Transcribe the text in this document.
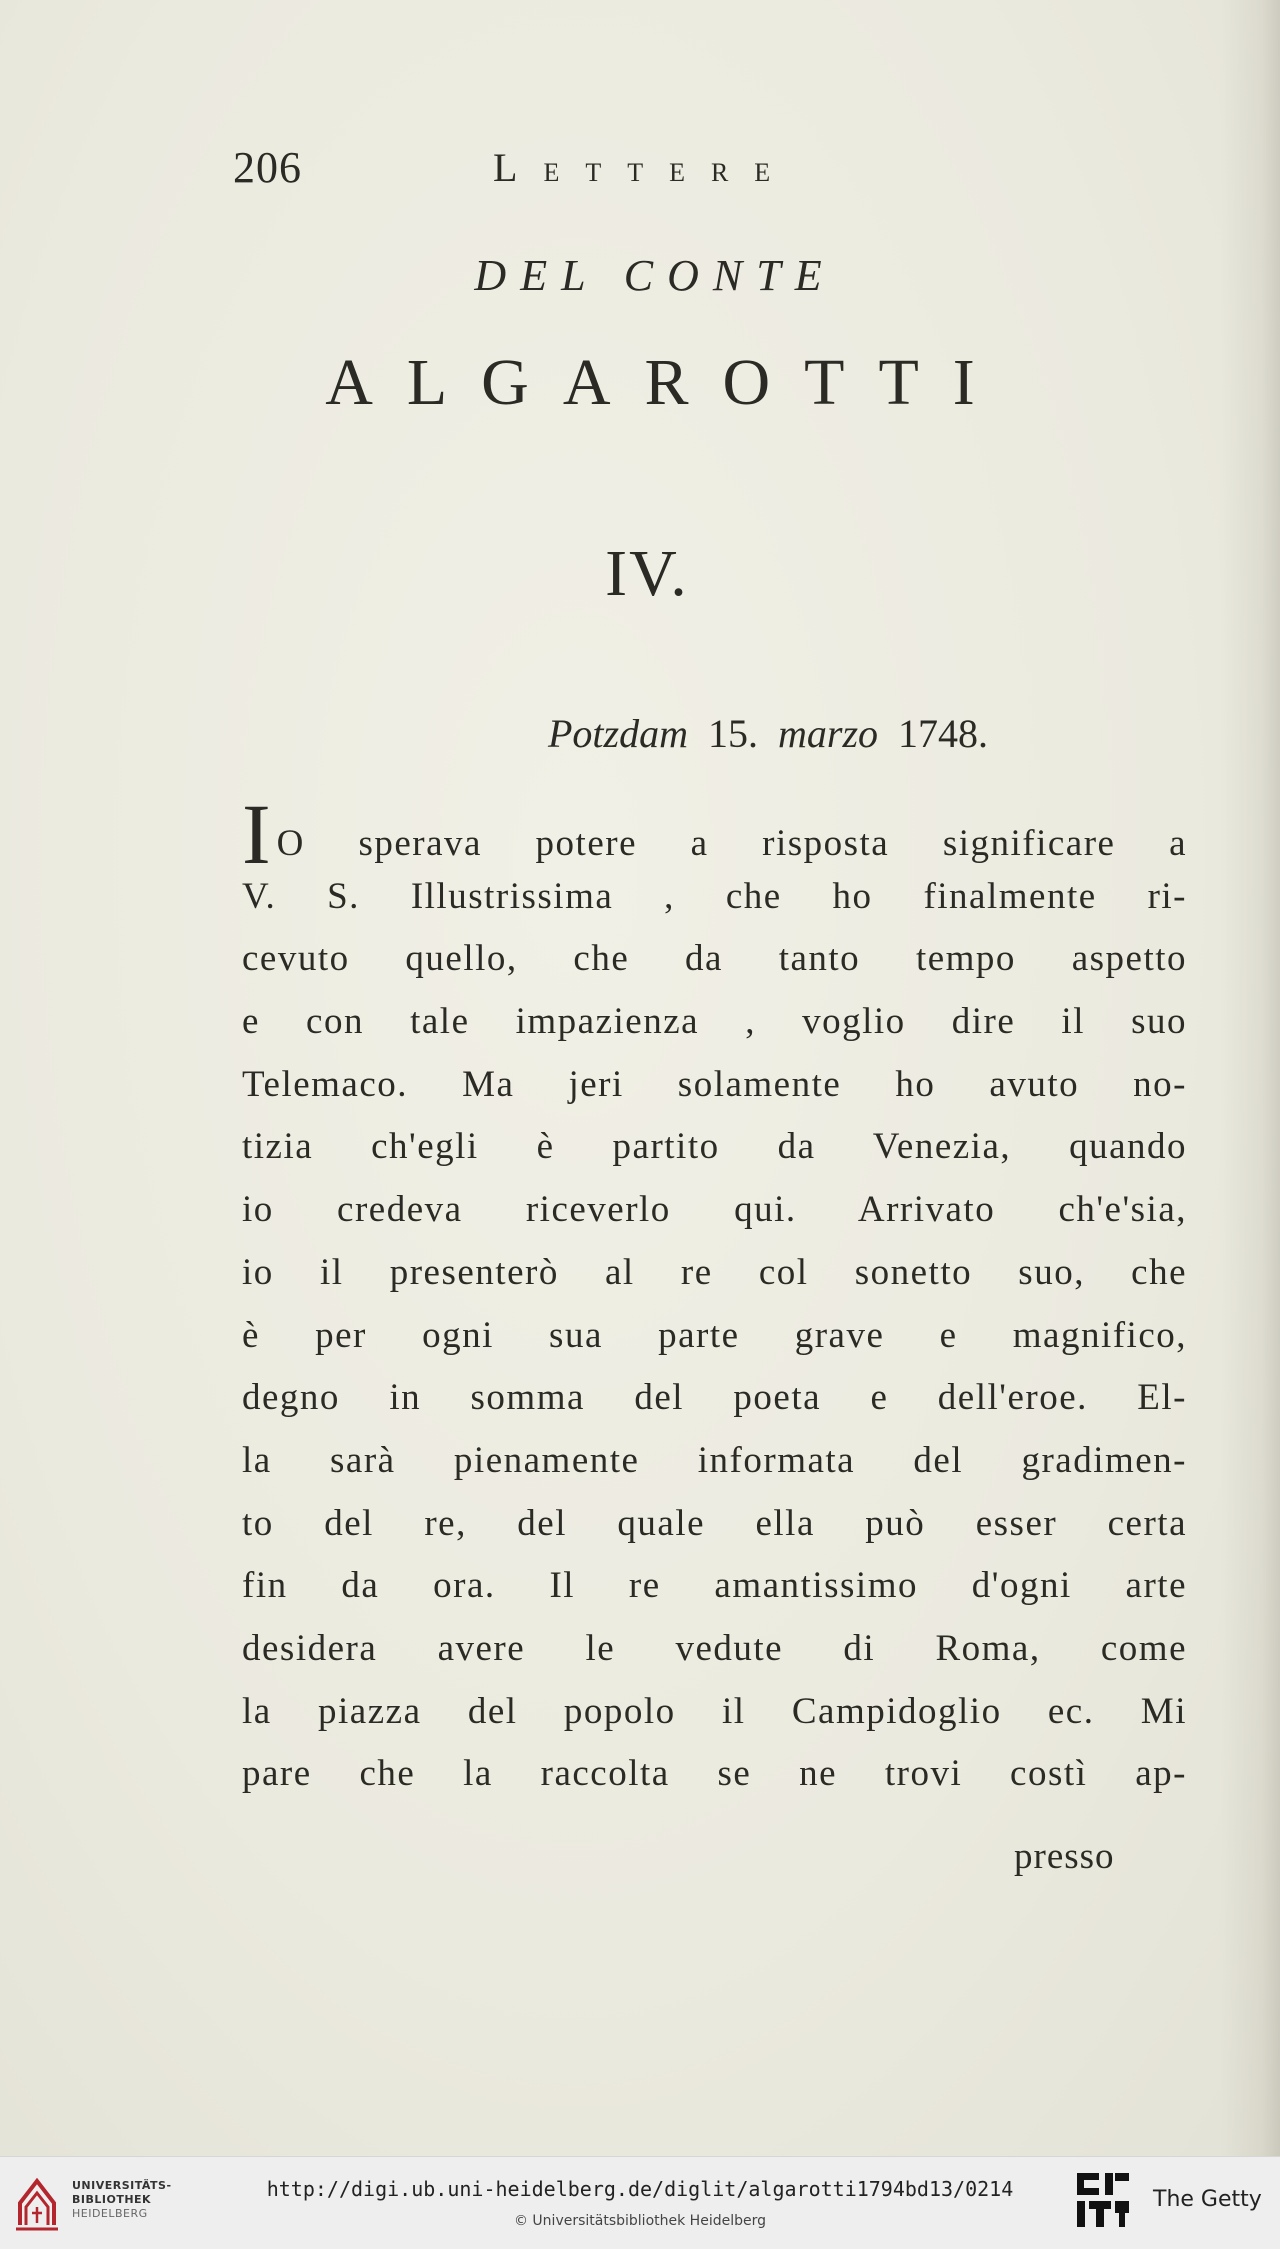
206	LETTERE
DEL CONTE
ALGAROTTI
IV.
Potzdam 15. marzo 1748.
I O sperava potere a risposta significare a
V. S. Illustrissima , che ho finalmente ri-
cevuto quello, che da tanto tempo aspetto
e con tale impazienza , voglio dire il suo
Telemaco. Ma jeri solamente ho avuto no-
tizia ch'egli è partito da Venezia, quando
io credeva riceverlo qui. Arrivato ch'e'sia,
io il presenterò al re col sonetto suo, che
è per ogni sua parte grave e magnifico,
degno in somma del poeta e dell'eroe. El-
la sarà pienamente informata del gradimen-
to del re, del quale ella può esser certa
fin da ora. Il re amantissimo d'ogni arte
desidera avere le vedute di Roma, come
la piazza del popolo il Campidoglio ec. Mi
pare che la raccolta se ne trovi costì ap-
presso
UNIVERSITÄTS-
BIBLIOTHEK
HEIDELBERG
http://digi.ub.uni-heidelberg.de/diglit/algarotti1794bd13/0214
© Universitätsbibliothek Heidelberg
The Getty
